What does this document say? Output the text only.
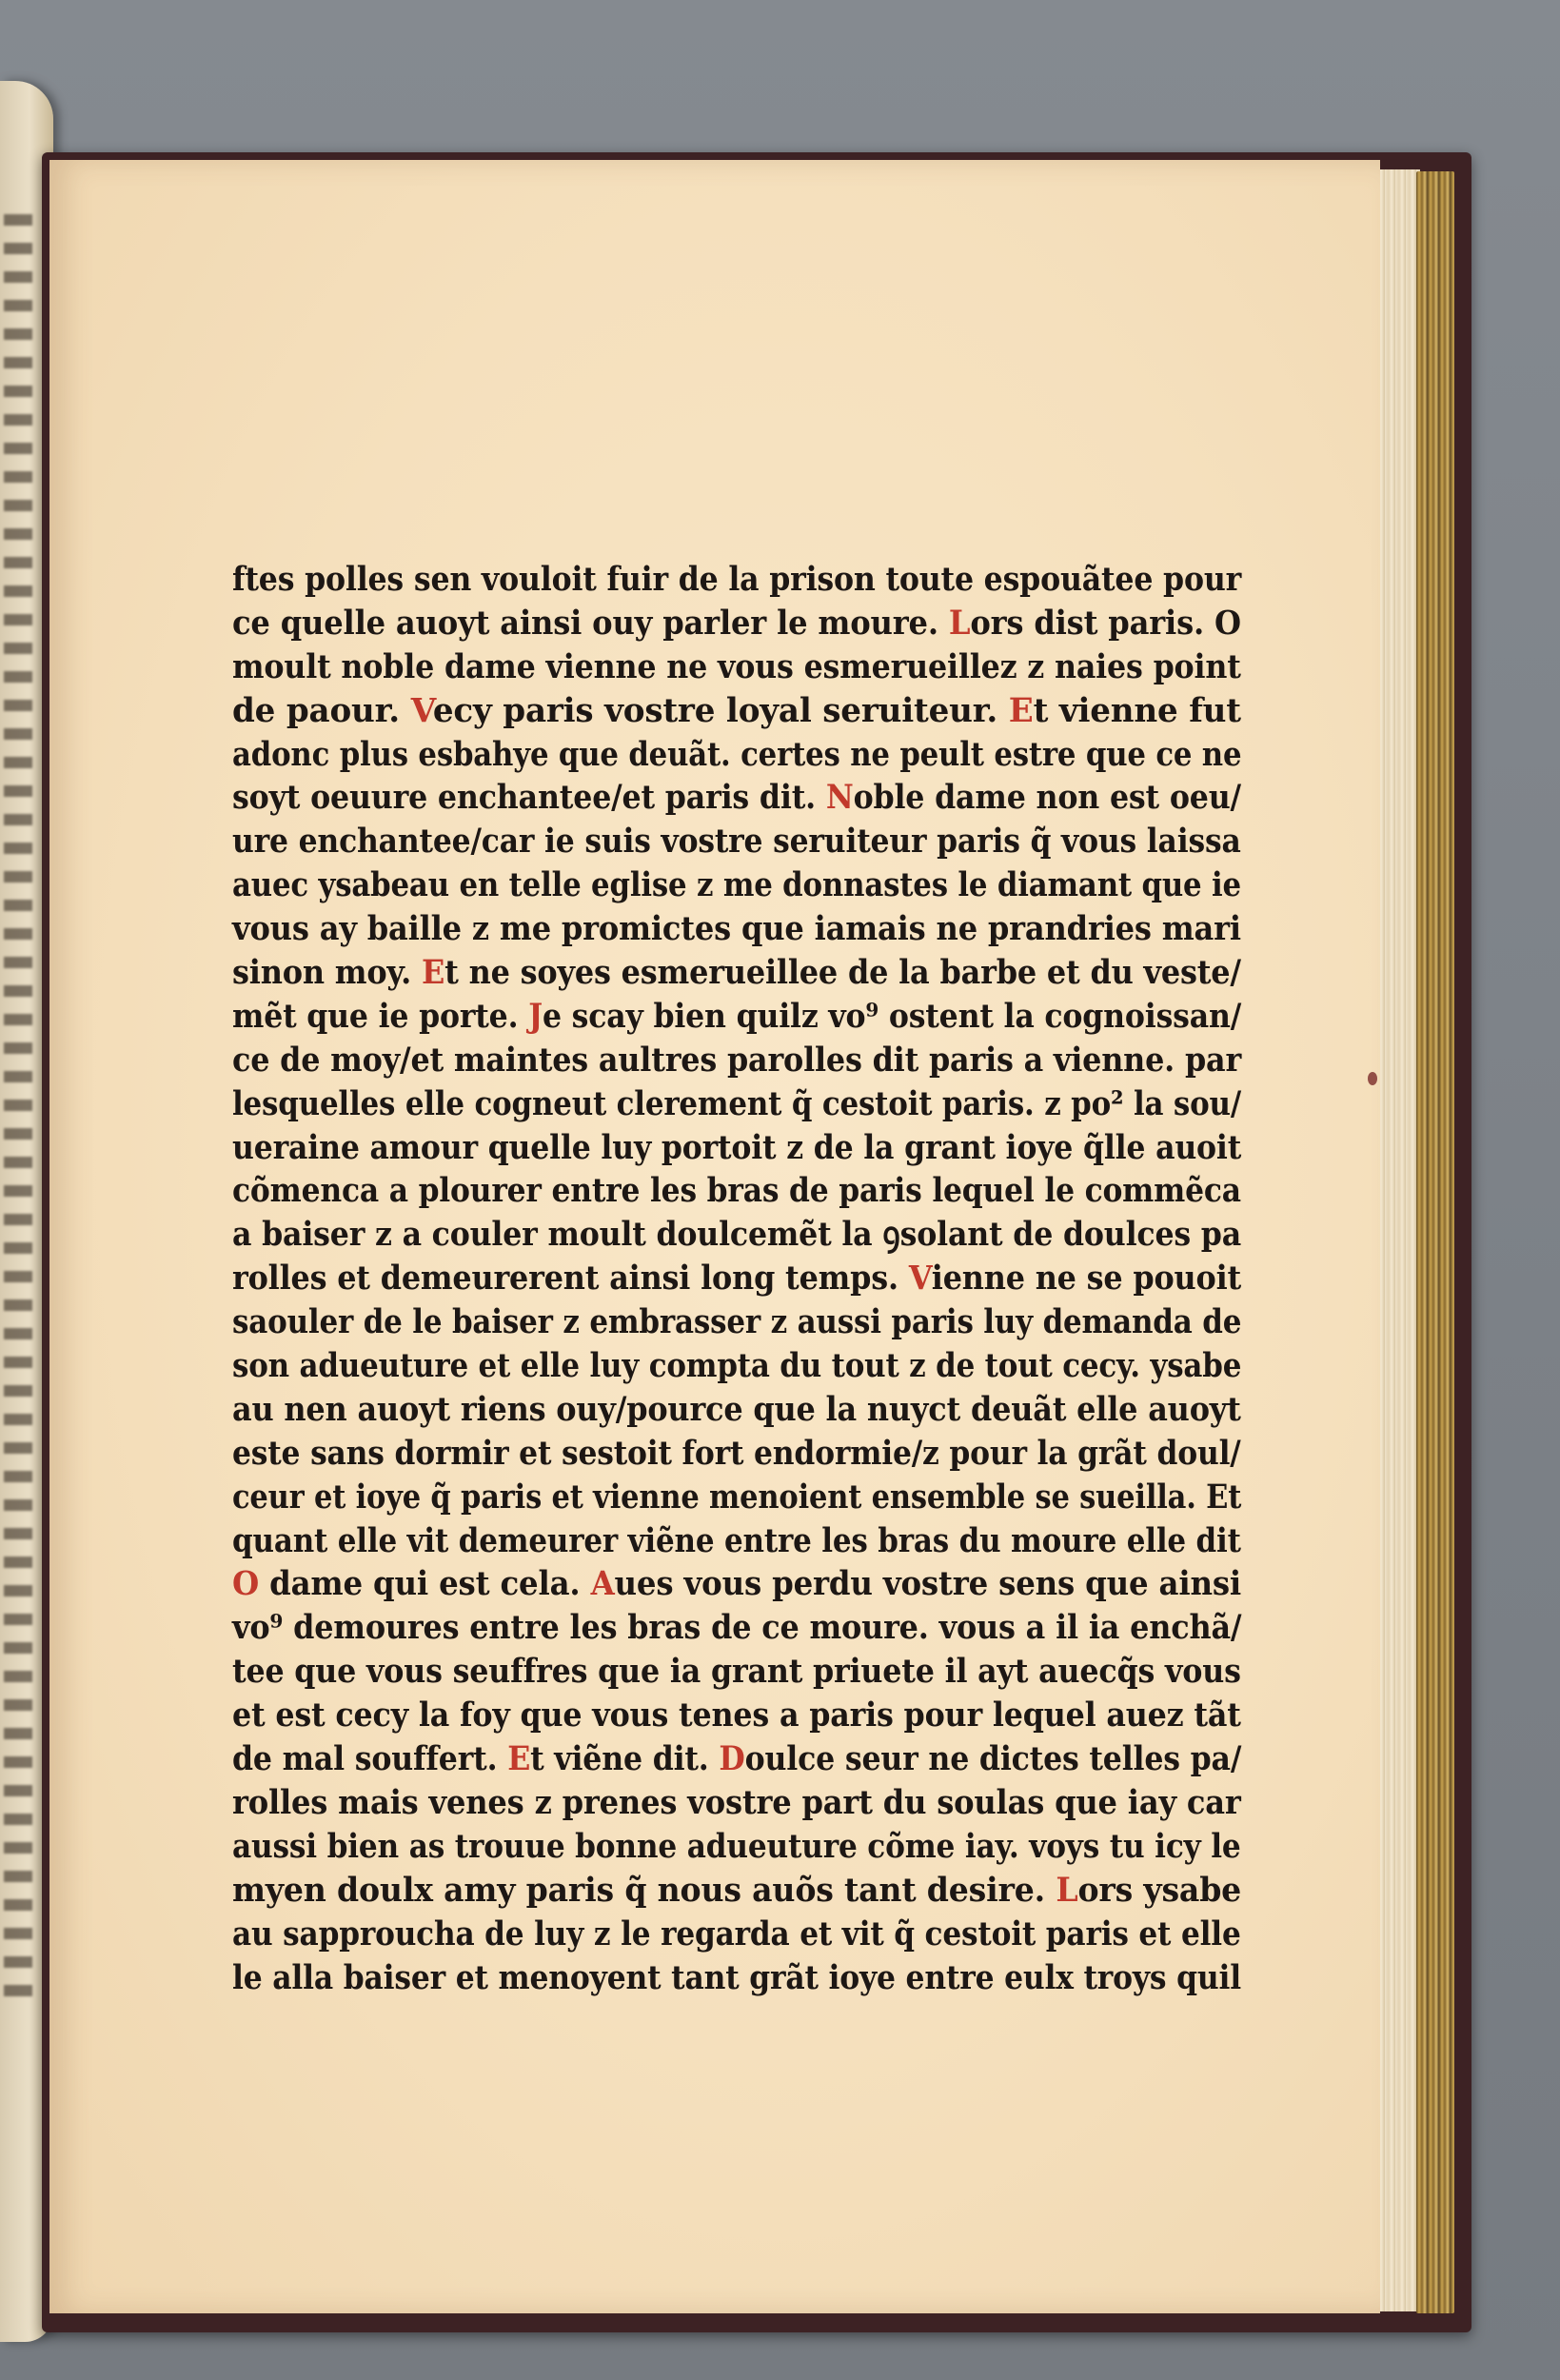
ftes polles sen vouloit fuir de la prison toute espouãtee pour
ce quelle auoyt ainsi ouy parler le moure. Lors dist paris. O
moult noble dame vienne ne vous esmerueillez z naies point
de paour. Vecy paris vostre loyal seruiteur. Et vienne fut
adonc plus esbahye que deuãt. certes ne peult estre que ce ne
soyt oeuure enchantee/et paris dit. Noble dame non est oeu/
ure enchantee/car ie suis vostre seruiteur paris q̃ vous laissa
auec ysabeau en telle eglise z me donnastes le diamant que ie
vous ay baille z me promictes que iamais ne prandries mari
sinon moy. Et ne soyes esmerueillee de la barbe et du veste/
mẽt que ie porte. Je scay bien quilz vo⁹ ostent la cognoissan/
ce de moy/et maintes aultres parolles dit paris a vienne. par
lesquelles elle cogneut clerement q̃ cestoit paris. z po² la sou/
ueraine amour quelle luy portoit z de la grant ioye q̃lle auoit
cõmenca a plourer entre les bras de paris lequel le commẽca
a baiser z a couler moult doulcemẽt la ꝯsolant de doulces pa
rolles et demeurerent ainsi long temps. Vienne ne se pouoit
saouler de le baiser z embrasser z aussi paris luy demanda de
son adueuture et elle luy compta du tout z de tout cecy. ysabe
au nen auoyt riens ouy/pource que la nuyct deuãt elle auoyt
este sans dormir et sestoit fort endormie/z pour la grãt doul/
ceur et ioye q̃ paris et vienne menoient ensemble se sueilla. Et
quant elle vit demeurer viẽne entre les bras du moure elle dit
O dame qui est cela. Aues vous perdu vostre sens que ainsi
vo⁹ demoures entre les bras de ce moure. vous a il ia enchã/
tee que vous seuffres que ia grant priuete il ayt auecq̃s vous
et est cecy la foy que vous tenes a paris pour lequel auez tãt
de mal souffert. Et viẽne dit. Doulce seur ne dictes telles pa/
rolles mais venes z prenes vostre part du soulas que iay car
aussi bien as trouue bonne adueuture cõme iay. voys tu icy le
myen doulx amy paris q̃ nous auõs tant desire. Lors ysabe
au sapproucha de luy z le regarda et vit q̃ cestoit paris et elle
le alla baiser et menoyent tant grãt ioye entre eulx troys quil
